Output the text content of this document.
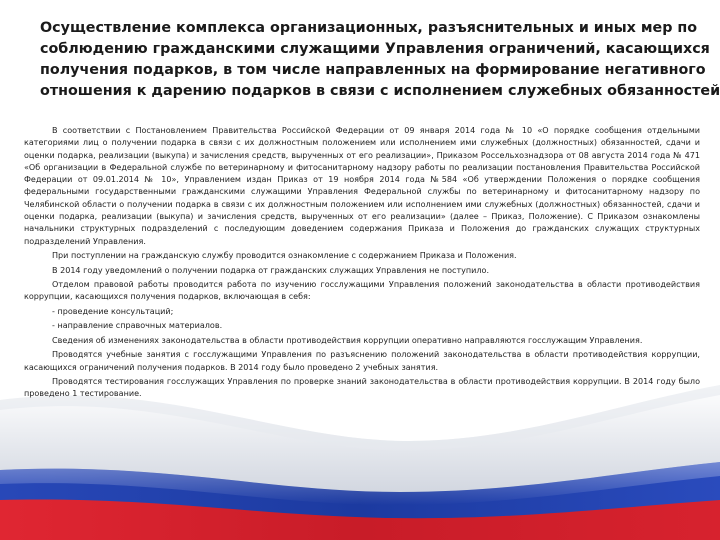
Осуществление комплекса организационных, разъяснительных и иных мер по
соблюдению гражданскими служащими Управления ограничений, касающихся
получения подарков, в том числе направленных на формирование негативного
отношения к дарению подарков в связи с исполнением служебных обязанностей

В соответствии с Постановлением Правительства Российской Федерации от 09 января 2014 года № 10 «О порядке сообщения отдельными категориями лиц о получении подарка в связи с их должностным положением или исполнением ими служебных (должностных) обязанностей, сдачи и оценки подарка, реализации (выкупа) и зачисления средств, вырученных от его реализации», Приказом Россельхознадзора от 08 августа 2014 года № 471 «Об организации в Федеральной службе по ветеринарному и фитосанитарному надзору работы по реализации постановления Правительства Российской Федерации от 09.01.2014 № 10», Управлением издан Приказ от 19 ноября 2014 года №584 «Об утверждении Положения о порядке сообщения федеральными государственными гражданскими служащими Управления Федеральной службы по ветеринарному и фитосанитарному надзору по Челябинской области о получении подарка в связи с их должностным положением или исполнением ими служебных (должностных) обязанностей, сдачи и оценки подарка, реализации (выкупа) и зачисления средств, вырученных от его реализации» (далее – Приказ, Положение). С Приказом ознакомлены начальники структурных подразделений с последующим доведением содержания Приказа и Положения до гражданских служащих структурных подразделений Управления.

При поступлении на гражданскую службу проводится ознакомление с содержанием Приказа и Положения.

В 2014 году уведомлений о получении подарка от гражданских служащих Управления не поступило.

Отделом правовой работы проводится работа по изучению госслужащими Управления положений законодательства в области противодействия коррупции, касающихся получения подарков, включающая в себя:

- проведение консультаций;

- направление справочных материалов.

Сведения об изменениях законодательства в области противодействия коррупции оперативно направляются госслужащим Управления.

Проводятся учебные занятия с госслужащими Управления по разъяснению положений законодательства в области противодействия коррупции, касающихся ограничений получения подарков. В 2014 году было проведено 2 учебных занятия.

Проводятся тестирования госслужащих Управления по проверке знаний законодательства в области противодействия коррупции. В 2014 году было проведено 1 тестирование.
